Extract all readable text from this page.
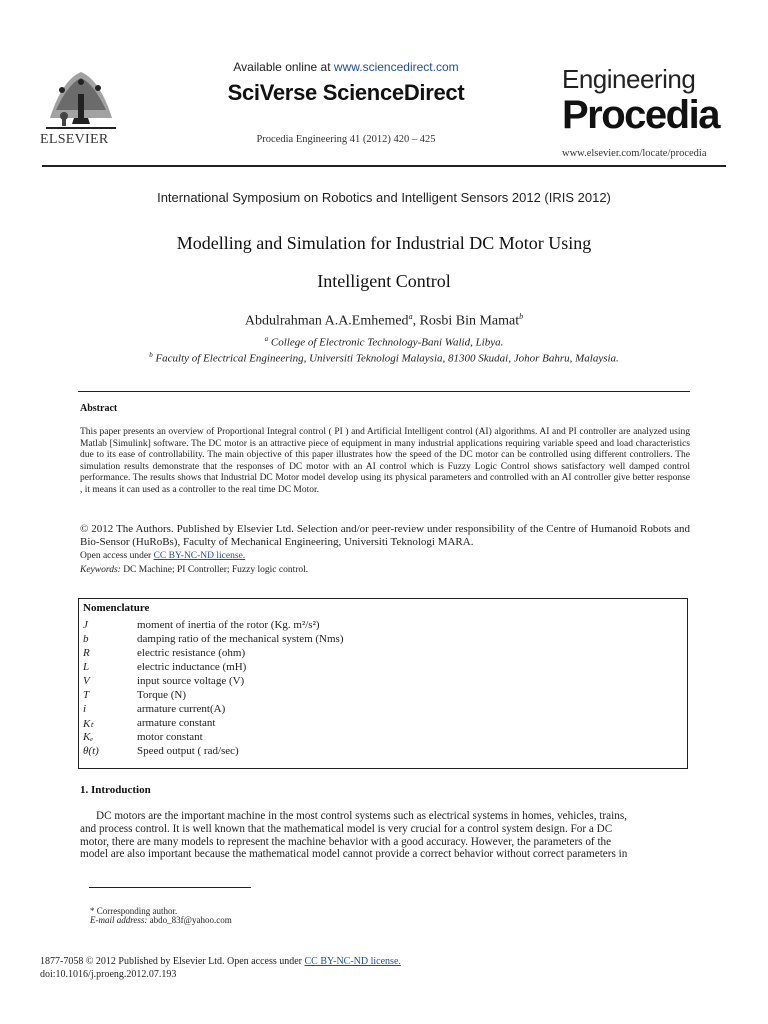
ELSEVIER
Available online at www.sciencedirect.com
SciVerse ScienceDirect
Procedia Engineering 41 (2012) 420 – 425
Engineering
Procedia
www.elsevier.com/locate/procedia
International Symposium on Robotics and Intelligent Sensors 2012 (IRIS 2012)
Modelling and Simulation for Industrial DC Motor Using
Intelligent Control
Abdulrahman A.A.Emhemed$^a$, Rosbi Bin Mamat$^b$
$^a$ College of Electronic Technology-Bani Walid, Libya.
$^b$ Faculty of Electrical Engineering, Universiti Teknologi Malaysia, 81300 Skudai, Johor Bahru, Malaysia.
Abstract
This paper presents an overview of Proportional Integral control ( PI ) and Artificial Intelligent control (AI) algorithms. AI and PI controller are analyzed using Matlab [Simulink] software. The DC motor is an attractive piece of equipment in many industrial applications requiring variable speed and load characteristics due to its ease of controllability. The main objective of this paper illustrates how the speed of the DC motor can be controlled using different controllers. The simulation results demonstrate that the responses of DC motor with an AI control which is Fuzzy Logic Control shows satisfactory well damped control performance. The results shows that Industrial DC Motor model develop using its physical parameters and controlled with an AI controller give better response , it means it can used as a controller to the real time DC Motor.
© 2012 The Authors. Published by Elsevier Ltd. Selection and/or peer-review under responsibility of the Centre of Humanoid Robots and Bio-Sensor (HuRoBs), Faculty of Mechanical Engineering, Universiti Teknologi MARA.
Open access under CC BY-NC-ND license.
Keywords: DC Machine; PI Controller; Fuzzy logic control.
Nomenclature
J	moment of inertia of the rotor (Kg. m²/s²)
b	damping ratio of the mechanical system (Nms)
R	electric resistance (ohm)
L	electric inductance (mH)
V	input source voltage (V)
T	Torque (N)
i	armature current(A)
Kₜ	armature constant
Kₑ	motor constant
θ(t)	Speed output ( rad/sec)
1. Introduction
DC motors are the important machine in the most control systems such as electrical systems in homes, vehicles, trains,
and process control. It is well known that the mathematical model is very crucial for a control system design. For a DC
motor, there are many models to represent the machine behavior with a good accuracy. However, the parameters of the
model are also important because the mathematical model cannot provide a correct behavior without correct parameters in
* Corresponding author.
E-mail address: abdo_83f@yahoo.com
1877-7058 © 2012 Published by Elsevier Ltd. Open access under CC BY-NC-ND license.
doi:10.1016/j.proeng.2012.07.193
